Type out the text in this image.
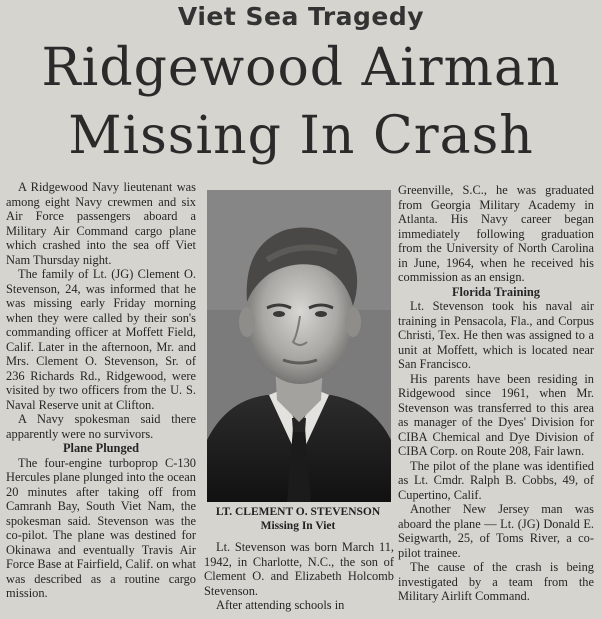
Viet Sea Tragedy
Ridgewood Airman
Missing In Crash

A Ridgewood Navy lieutenant was among eight Navy crewmen and six Air Force passengers aboard a Military Air Command cargo plane which crashed into the sea off Viet Nam Thursday night.

The family of Lt. (JG) Clement O. Stevenson, 24, was informed that he was missing early Friday morning when they were called by their son's commanding officer at Moffett Field, Calif. Later in the afternoon, Mr. and Mrs. Clement O. Stevenson, Sr. of 236 Richards Rd., Ridgewood, were visited by two officers from the U. S. Naval Reserve unit at Clifton.

A Navy spokesman said there apparently were no survivors.

Plane Plunged

The four-engine turboprop C-130 Hercules plane plunged into the ocean 20 minutes after taking off from Camranh Bay, South Viet Nam, the spokesman said. Stevenson was the co-pilot. The plane was destined for Okinawa and eventually Travis Air Force Base at Fairfield, Calif. on what was described as a routine cargo mission.

LT. CLEMENT O. STEVENSON
Missing In Viet

Lt. Stevenson was born March 11, 1942, in Charlotte, N.C., the son of Clement O. and Elizabeth Holcomb Stevenson.

After attending schools in

Greenville, S.C., he was graduated from Georgia Military Academy in Atlanta. His Navy career began immediately following graduation from the University of North Carolina in June, 1964, when he received his commission as an ensign.

Florida Training

Lt. Stevenson took his naval air training in Pensacola, Fla., and Corpus Christi, Tex. He then was assigned to a unit at Moffett, which is located near San Francisco.

His parents have been residing in Ridgewood since 1961, when Mr. Stevenson was transferred to this area as manager of the Dyes' Division for CIBA Chemical and Dye Division of CIBA Corp. on Route 208, Fair lawn.

The pilot of the plane was identified as Lt. Cmdr. Ralph B. Cobbs, 49, of Cupertino, Calif.

Another New Jersey man was aboard the plane — Lt. (JG) Donald E. Seigwarth, 25, of Toms River, a co-pilot trainee.

The cause of the crash is being investigated by a team from the Military Airlift Command.
